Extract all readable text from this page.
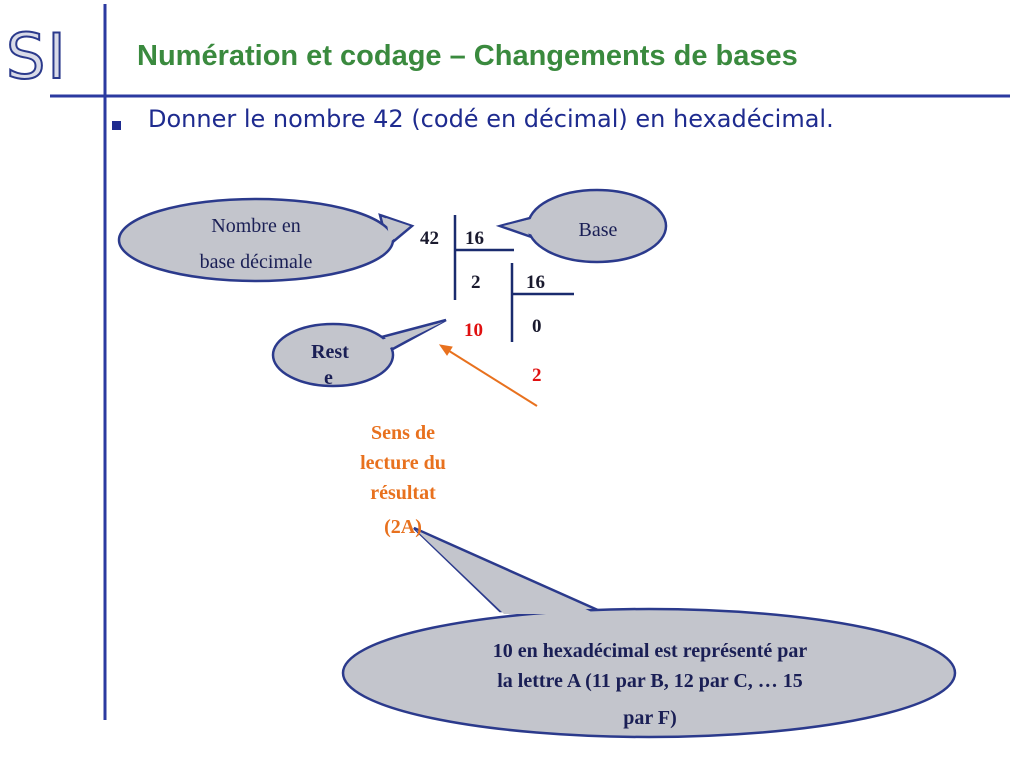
SI Numération et codage – Changements de bases
Donner le nombre 42 (codé en décimal) en hexadécimal.
42 16
2 16
10	0
2
Nombre en
base décimale
Base
Rest
e
10 en hexadécimal est représenté par
la lettre A (11 par B, 12 par C, … 15
par F)
Sens de
lecture du
résultat
(2A)
